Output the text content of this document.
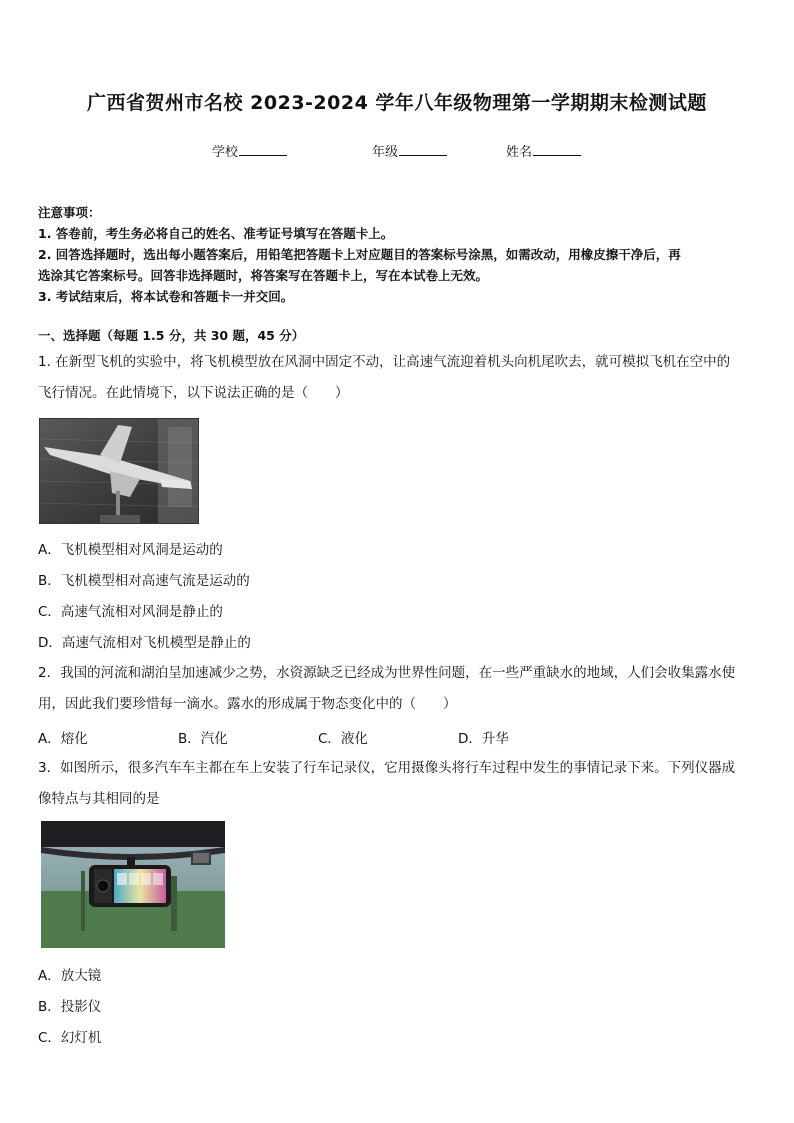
广西省贺州市名校 2023-2024 学年八年级物理第一学期期末检测试题
学校	年级	姓名
注意事项：
1. 答卷前，考生务必将自己的姓名、准考证号填写在答题卡上。
2. 回答选择题时，选出每小题答案后，用铅笔把答题卡上对应题目的答案标号涂黑，如需改动，用橡皮擦干净后，再
选涂其它答案标号。回答非选择题时，将答案写在答题卡上，写在本试卷上无效。
3. 考试结束后，将本试卷和答题卡一并交回。
一、选择题（每题 1.5 分，共 30 题，45 分）
1. 在新型飞机的实验中，将飞机模型放在风洞中固定不动，让高速气流迎着机头向机尾吹去，就可模拟飞机在空中的
飞行情况。在此情境下，以下说法正确的是（　　）
A．飞机模型相对风洞是运动的
B．飞机模型相对高速气流是运动的
C．高速气流相对风洞是静止的
D．高速气流相对飞机模型是静止的
2．我国的河流和湖泊呈加速减少之势，水资源缺乏已经成为世界性问题，在一些严重缺水的地域，人们会收集露水使
用，因此我们要珍惜每一滴水。露水的形成属于物态变化中的（　　）
A．熔化	B．汽化	C．液化	D．升华
3．如图所示，很多汽车车主都在车上安装了行车记录仪，它用摄像头将行车过程中发生的事情记录下来。下列仪器成
像特点与其相同的是
A．放大镜
B．投影仪
C．幻灯机
